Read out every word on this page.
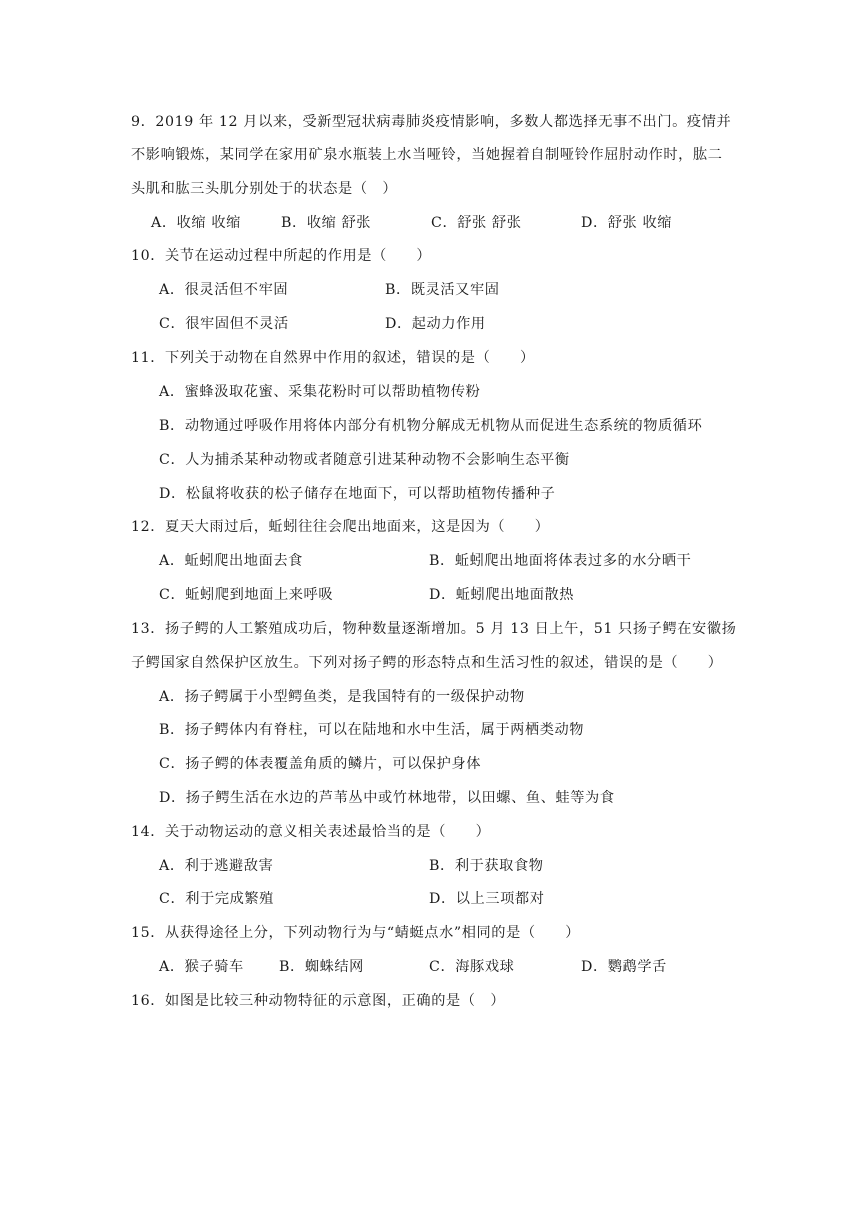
9．2019 年 12 月以来，受新型冠状病毒肺炎疫情影响，多数人都选择无事不出门。疫情并
不影响锻炼，某同学在家用矿泉水瓶装上水当哑铃，当她握着自制哑铃作屈肘动作时，肱二
头肌和肱三头肌分别处于的状态是（　）
A．收缩 收缩	B．收缩 舒张	C．舒张 舒张	D．舒张 收缩
10．关节在运动过程中所起的作用是（　　）
A．很灵活但不牢固	B．既灵活又牢固
C．很牢固但不灵活	D．起动力作用
11．下列关于动物在自然界中作用的叙述，错误的是（　　）
A．蜜蜂汲取花蜜、采集花粉时可以帮助植物传粉
B．动物通过呼吸作用将体内部分有机物分解成无机物从而促进生态系统的物质循环
C．人为捕杀某种动物或者随意引进某种动物不会影响生态平衡
D．松鼠将收获的松子储存在地面下，可以帮助植物传播种子
12．夏天大雨过后，蚯蚓往往会爬出地面来，这是因为（　　）
A．蚯蚓爬出地面去食	B．蚯蚓爬出地面将体表过多的水分晒干
C．蚯蚓爬到地面上来呼吸	D．蚯蚓爬出地面散热
13．扬子鳄的人工繁殖成功后，物种数量逐渐增加。5 月 13 日上午，51 只扬子鳄在安徽扬
子鳄国家自然保护区放生。下列对扬子鳄的形态特点和生活习性的叙述，错误的是（　　）
A．扬子鳄属于小型鳄鱼类，是我国特有的一级保护动物
B．扬子鳄体内有脊柱，可以在陆地和水中生活，属于两栖类动物
C．扬子鳄的体表覆盖角质的鳞片，可以保护身体
D．扬子鳄生活在水边的芦苇丛中或竹林地带，以田螺、鱼、蛙等为食
14．关于动物运动的意义相关表述最恰当的是（　　）
A．利于逃避敌害	B．利于获取食物
C．利于完成繁殖	D．以上三项都对
15．从获得途径上分，下列动物行为与“蜻蜓点水”相同的是（　　）
A．猴子骑车 B．蜘蛛结网	C．海豚戏球	D．鹦鹉学舌
16．如图是比较三种动物特征的示意图，正确的是（　）
